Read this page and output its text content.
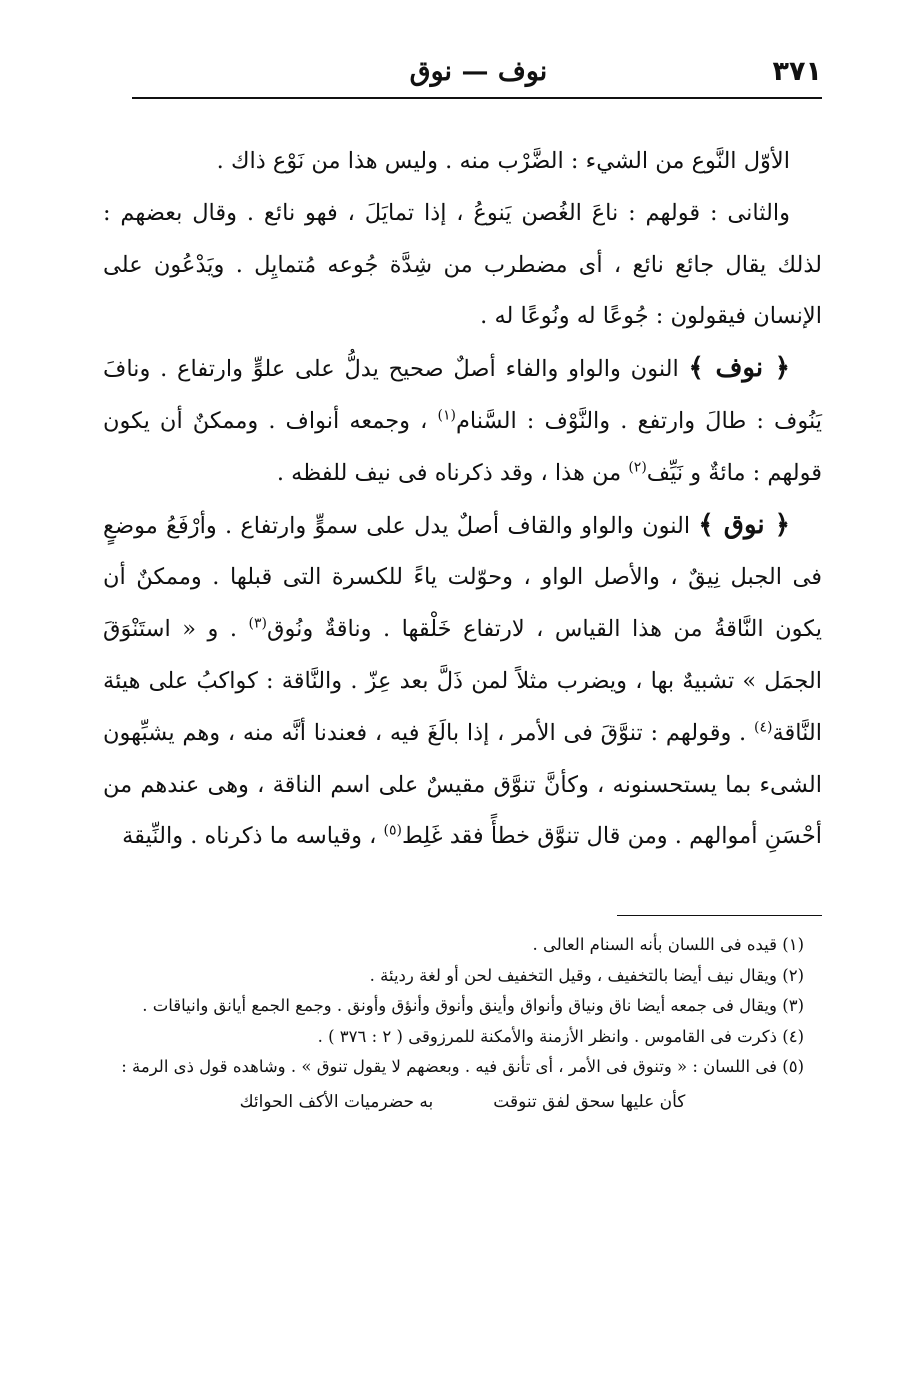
٣٧١
نوف — نوق

الأوّل النَّوع من الشيء : الضَّرْب منه . وليس هذا من نَوْع ذاك .

والثانى : قولهم : ناعَ الغُصن يَنوعُ ، إذا تمايَلَ ، فهو نائع . وقال بعضهم : لذلك يقال جائع نائع ، أى مضطرب من شِدَّة جُوعه مُتمايِل . ويَدْعُون على الإنسان فيقولون : جُوعًا له ونُوعًا له .

﴿ نوف ﴾ النون والواو والفاء أصلٌ صحيح يدلُّ على علوٍّ وارتفاع . ونافَ يَنُوف : طالَ وارتفع . والنَّوْف : السَّنام$^{(١)}$ ، وجمعه أنواف . وممكنٌ أن يكون قولهم : مائةٌ و نَيِّف$^{(٢)}$ من هذا ، وقد ذكرناه فى نيف للفظه .

﴿ نوق ﴾ النون والواو والقاف أصلٌ يدل على سموٍّ وارتفاع . وأرْفَعُ موضعٍ فى الجبل نِيقٌ ، والأصل الواو ، وحوّلت ياءً للكسرة التى قبلها . وممكنٌ أن يكون النَّاقةُ من هذا القياس ، لارتفاع خَلْقها . وناقةٌ ونُوق$^{(٣)}$ . و « استَنْوَقَ الجمَل » تشبيهٌ بها ، ويضرب مثلاً لمن ذَلَّ بعد عِزّ . والنَّاقة : كواكبُ على هيئة النَّاقة$^{(٤)}$ . وقولهم : تنوَّقَ فى الأمر ، إذا بالَغَ فيه ، فعندنا أنَّه منه ، وهم يشبِّهون الشىء بما يستحسنونه ، وكأنَّ تنوَّق مقيسٌ على اسم الناقة ، وهى عندهم من أحْسَنِ أموالهم . ومن قال تنوَّق خطأً فقد غَلِط$^{(٥)}$ ، وقياسه ما ذكرناه . والنِّيقة

(١) قيده فى اللسان بأنه السنام العالى .

(٢) ويقال نيف أيضا بالتخفيف ، وقيل التخفيف لحن أو لغة رديئة .

(٣) ويقال فى جمعه أيضا ناق ونياق وأنواق وأينق وأنوق وأنؤق وأونق . وجمع الجمع أيانق وانياقات .

(٤) ذكرت فى القاموس . وانظر الأزمنة والأمكنة للمرزوقى ( ٢ : ٣٧٦ ) .

(٥) فى اللسان : « وتنوق فى الأمر ، أى تأنق فيه . وبعضهم لا يقول تنوق » . وشاهده قول ذى الرمة :

كأن عليها سحق لفق تنوقت
به حضرميات الأكف الحوائك
